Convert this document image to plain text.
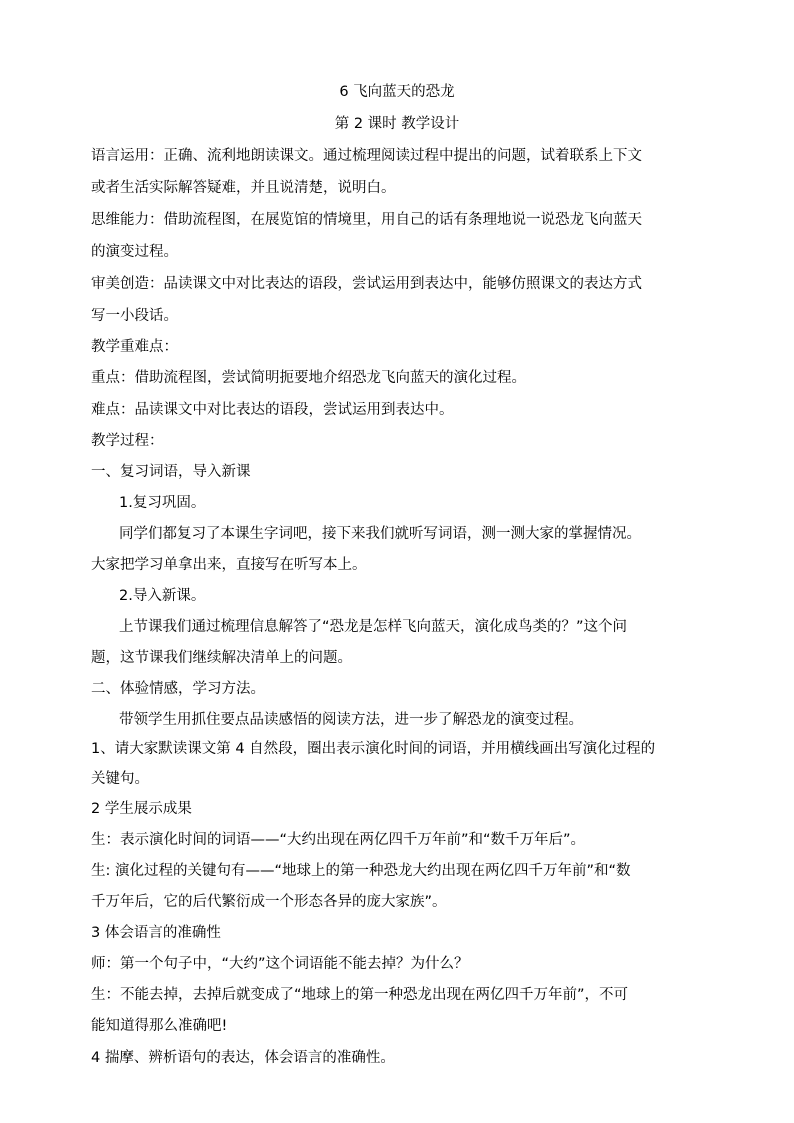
6 飞向蓝天的恐龙
第 2 课时 教学设计
语言运用：正确、流利地朗读课文。通过梳理阅读过程中提出的问题，试着联系上下文
或者生活实际解答疑难，并且说清楚，说明白。
思维能力：借助流程图，在展览馆的情境里，用自己的话有条理地说一说恐龙飞向蓝天
的演变过程。
审美创造：品读课文中对比表达的语段，尝试运用到表达中，能够仿照课文的表达方式
写一小段话。
教学重难点：
重点：借助流程图，尝试简明扼要地介绍恐龙飞向蓝天的演化过程。
难点：品读课文中对比表达的语段，尝试运用到表达中。
教学过程：
一、复习词语，导入新课
1.复习巩固。
同学们都复习了本课生字词吧，接下来我们就听写词语，测一测大家的掌握情况。
大家把学习单拿出来，直接写在听写本上。
2.导入新课。
上节课我们通过梳理信息解答了“恐龙是怎样飞向蓝天，演化成鸟类的？”这个问
题，这节课我们继续解决清单上的问题。
二、体验情感，学习方法。
带领学生用抓住要点品读感悟的阅读方法，进一步了解恐龙的演变过程。
1、请大家默读课文第 4 自然段，圈出表示演化时间的词语，并用横线画出写演化过程的
关键句。
2 学生展示成果
生：表示演化时间的词语——“大约出现在两亿四千万年前”和“数千万年后”。
生: 演化过程的关键句有——“地球上的第一种恐龙大约出现在两亿四千万年前”和“数
千万年后，它的后代繁衍成一个形态各异的庞大家族”。
3 体会语言的准确性
师：第一个句子中，“大约”这个词语能不能去掉？为什么？
生：不能去掉，去掉后就变成了“地球上的第一种恐龙出现在两亿四千万年前”，不可
能知道得那么准确吧!
4 揣摩、辨析语句的表达，体会语言的准确性。
